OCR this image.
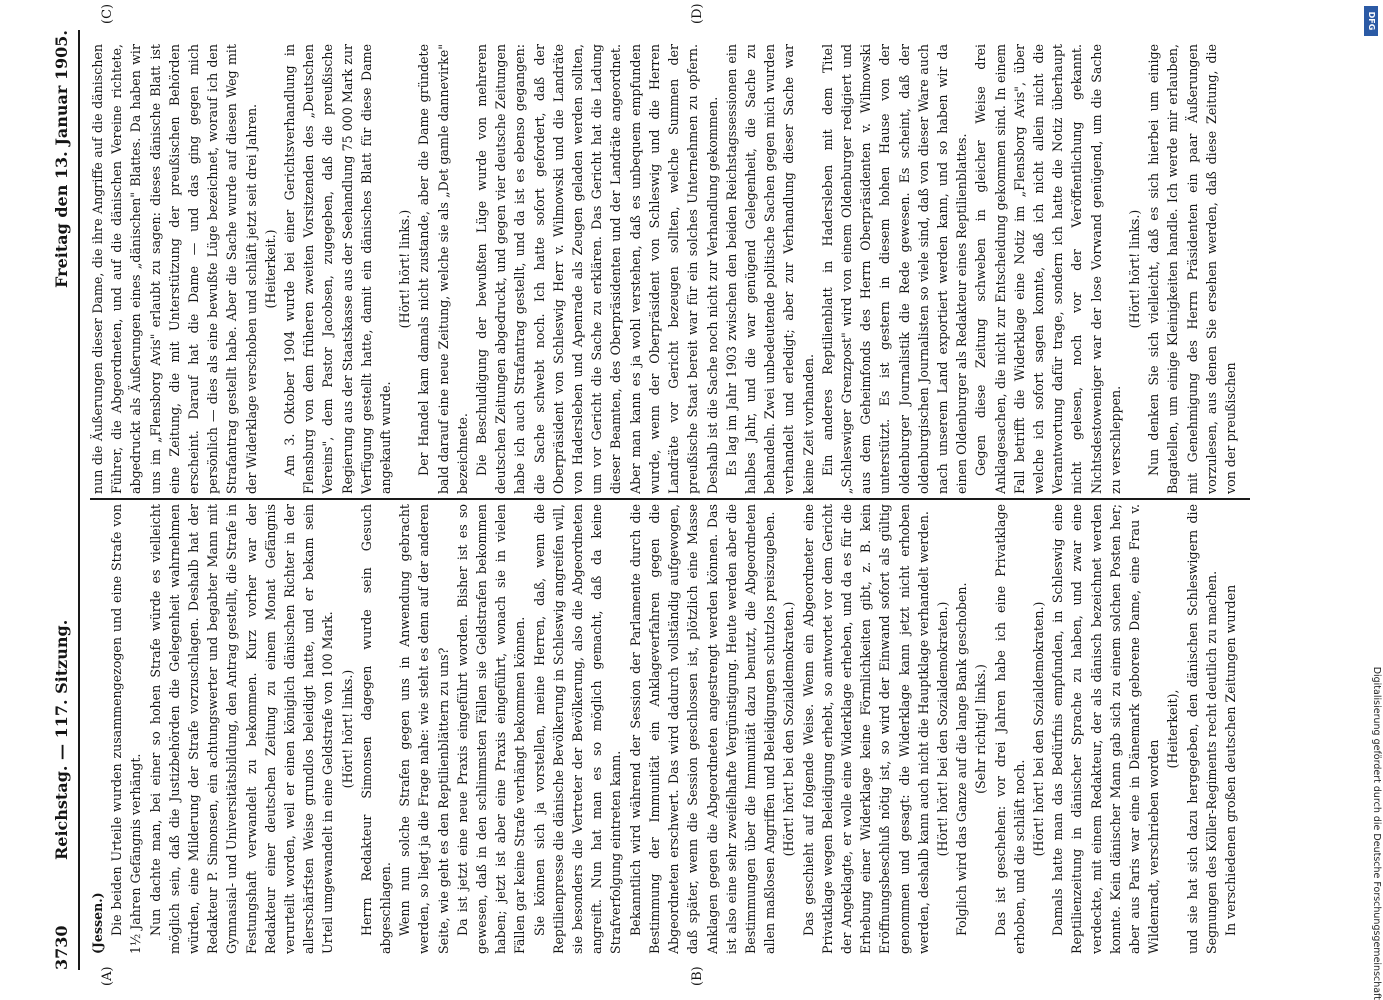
3730
Reichstag. — 117. Sitzung.
Freitag den 13. Januar 1905.
(A)	(B)
(C)	(D)

(Jessen.) Die beiden Urteile wurden zusammengezogen und eine Strafe von 1½ Jahren Gefängnis verhängt. Nun dachte man, bei einer so hohen Strafe würde es vielleicht möglich sein, daß die Justizbehörden die Gelegenheit wahrnehmen würden, eine Milderung der Strafe vorzuschlagen. Deshalb hat der Redakteur P. Simonsen, ein achtungswerter und begabter Mann mit Gymnasial- und Universitätsbildung, den Antrag gestellt, die Strafe in Festungshaft verwandelt zu bekommen. Kurz vorher war der Redakteur einer deutschen Zeitung zu einem Monat Gefängnis verurteilt worden, weil er einen königlich dänischen Richter in der allerschärfsten Weise grundlos beleidigt hatte, und er bekam sein Urteil umgewandelt in eine Geldstrafe von 100 Mark. (Hört! hört! links.) Herrn Redakteur Simonsen dagegen wurde sein Gesuch abgeschlagen. Wenn nun solche Strafen gegen uns in Anwendung gebracht werden, so liegt ja die Frage nahe: wie steht es denn auf der anderen Seite, wie geht es den Reptilienblättern zu uns? Da ist jetzt eine neue Praxis eingeführt worden. Bisher ist es so gewesen, daß in den schlimmsten Fällen sie Geldstrafen bekommen haben; jetzt ist aber eine Praxis eingeführt, wonach sie in vielen Fällen gar keine Strafe verhängt bekommen können. Sie können sich ja vorstellen, meine Herren, daß, wenn die Reptilienpresse die dänische Bevölkerung in Schleswig angreifen will, sie besonders die Vertreter der Bevölkerung, also die Abgeordneten angreift. Nun hat man es so möglich gemacht, daß da keine Strafverfolgung eintreten kann. Bekanntlich wird während der Session der Parlamente durch die Bestimmung der Immunität ein Anklageverfahren gegen die Abgeordneten erschwert. Das wird dadurch vollständig aufgewogen, daß später, wenn die Session geschlossen ist, plötzlich eine Masse Anklagen gegen die Abgeordneten angestrengt werden können. Das ist also eine sehr zweifelhafte Vergünstigung. Heute werden aber die Bestimmungen über die Immunität dazu benutzt, die Abgeordneten allen maßlosen Angriffen und Beleidigungen schutzlos preiszugeben. (Hört! hört! bei den Sozialdemokraten.) Das geschieht auf folgende Weise. Wenn ein Abgeordneter eine Privatklage wegen Beleidigung erhebt, so antwortet vor dem Gericht der Angeklagte, er wolle eine Widerklage erheben, und da es für die Erhebung einer Widerklage keine Förmlichkeiten gibt, z. B. kein Eröffnungsbeschluß nötig ist, so wird der Einwand sofort als gültig genommen und gesagt: die Widerklage kann jetzt nicht erhoben werden, deshalb kann auch nicht die Hauptklage verhandelt werden. (Hört! hört! bei den Sozialdemokraten.) Folglich wird das Ganze auf die lange Bank geschoben. (Sehr richtig! links.) Das ist geschehen: vor drei Jahren habe ich eine Privatklage erhoben, und die schläft noch.

(Hört! hört! bei den Sozialdemokraten.) Damals hatte man das Bedürfnis empfunden, in Schleswig eine Reptilienzeitung in dänischer Sprache zu haben, und zwar eine verdeckte, mit einem Redakteur, der als dänisch bezeichnet werden konnte. Kein dänischer Mann gab sich zu einem solchen Posten her; aber aus Paris war eine in Dänemark geborene Dame, eine Frau v. Wildenradt, verschrieben worden

(Heiterkeit), und sie hat sich dazu hergegeben, den dänischen Schleswigern die Segnungen des Köller-Regiments recht deutlich zu machen. In verschiedenen großen deutschen Zeitungen wurden

nun die Äußerungen dieser Dame, die ihre Angriffe auf die dänischen Führer, die Abgeordneten, und auf die dänischen Vereine richtete, abgedruckt als Äußerungen eines „dänischen" Blattes. Da haben wir uns im „Flensborg Avis" erlaubt zu sagen: dieses dänische Blatt ist eine Zeitung, die mit Unterstützung der preußischen Behörden erscheint. Darauf hat die Dame — und das ging gegen mich persönlich — dies als eine bewußte Lüge bezeichnet, worauf ich den Strafantrag gestellt habe. Aber die Sache wurde auf diesen Weg mit der Widerklage verschoben und schläft jetzt seit drei Jahren. (Heiterkeit.) Am 3. Oktober 1904 wurde bei einer Gerichtsverhandlung in Flensburg von dem früheren zweiten Vorsitzenden des „Deutschen Vereins", dem Pastor Jacobsen, zugegeben, daß die preußische Regierung aus der Staatskasse aus der Seehandlung 75 000 Mark zur Verfügung gestellt hatte, damit ein dänisches Blatt für diese Dame angekauft wurde.

(Hört! hört! links.) Der Handel kam damals nicht zustande, aber die Dame gründete bald darauf eine neue Zeitung, welche sie als „Det gamle dannevirke" bezeichnete. Die Beschuldigung der bewußten Lüge wurde von mehreren deutschen Zeitungen abgedruckt, und gegen vier deutsche Zeitungen habe ich auch Strafantrag gestellt, und da ist es ebenso gegangen: die Sache schwebt noch. Ich hatte sofort gefordert, daß der Oberpräsident von Schleswig Herr v. Wilmowski und die Landräte von Hadersleben und Apenrade als Zeugen geladen werden sollten, um vor Gericht die Sache zu erklären. Das Gericht hat die Ladung dieser Beamten, des Oberpräsidenten und der Landräte angeordnet. Aber man kann es ja wohl verstehen, daß es unbequem empfunden wurde, wenn der Oberpräsident von Schleswig und die Herren Landräte vor Gericht bezeugen sollten, welche Summen der preußische Staat bereit war für ein solches Unternehmen zu opfern. Deshalb ist die Sache noch nicht zur Verhandlung gekommen. Es lag im Jahr 1903 zwischen den beiden Reichstagssessionen ein halbes Jahr, und die war genügend Gelegenheit, die Sache zu behandeln. Zwei unbedeutende politische Sachen gegen mich wurden verhandelt und erledigt; aber zur Verhandlung dieser Sache war keine Zeit vorhanden. Ein anderes Reptilienblatt in Hadersleben mit dem Titel „Schleswiger Grenzpost" wird von einem Oldenburger redigiert und aus dem Geheimfonds des Herrn Oberpräsidenten v. Wilmowski unterstützt. Es ist gestern in diesem hohen Hause von der oldenburger Journalistik die Rede gewesen. Es scheint, daß der oldenburgischen Journalisten so viele sind, daß von dieser Ware auch nach unserem Land exportiert werden kann, und so haben wir da einen Oldenburger als Redakteur eines Reptilienblattes. Gegen diese Zeitung schweben in gleicher Weise drei Anklagesachen, die nicht zur Entscheidung gekommen sind. In einem Fall betrifft die Widerklage eine Notiz im „Flensborg Avis", über welche ich sofort sagen konnte, daß ich nicht allein nicht die Verantwortung dafür trage, sondern ich hatte die Notiz überhaupt nicht gelesen, noch vor der Veröffentlichung gekannt. Nichtsdestoweniger war der lose Vorwand genügend, um die Sache zu verschleppen.

(Hört! hört! links.) Nun denken Sie sich vielleicht, daß es sich hierbei um einige Bagatellen, um einige Kleinigkeiten handle. Ich werde mir erlauben, mit Genehmigung des Herrn Präsidenten ein paar Äußerungen vorzulesen, aus denen Sie ersehen werden, daß diese Zeitung, die von der preußischen

Digitalisierung gefördert durch die Deutsche Forschungsgemeinschaft
DFG
